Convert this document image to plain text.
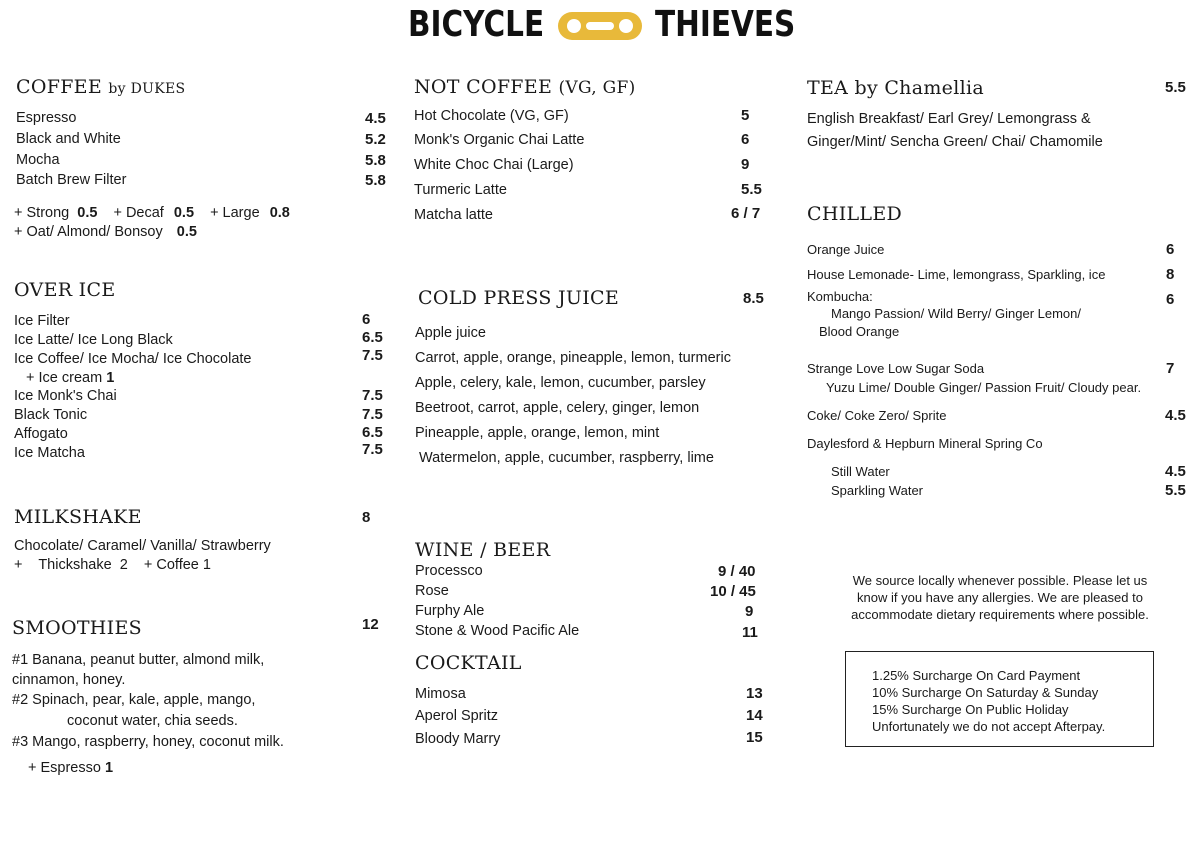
BICYCLE	THIEVES
COFFEE by DUKES
Espresso	4.5
Black and White	5.2
Mocha	5.8
Batch Brew Filter	5.8
+ Strong 0.5 + Decaf 0.5 + Large 0.8
+ Oat/ Almond/ Bonsoy 0.5
OVER ICE
Ice Filter	6
Ice Latte/ Ice Long Black	6.5
Ice Coffee/ Ice Mocha/ Ice Chocolate	7.5
+ Ice cream 1
Ice Monk's Chai	7.5
Black Tonic	7.5
Affogato	6.5
Ice Matcha	7.5
MILKSHAKE	8
Chocolate/ Caramel/ Vanilla/ Strawberry
+    Thickshake  2    + Coffee 1
SMOOTHIES	12
#1 Banana, peanut butter, almond milk,
cinnamon, honey.
#2 Spinach, pear, kale, apple, mango,
coconut water, chia seeds.
#3 Mango, raspberry, honey, coconut milk.
+ Espresso 1
NOT COFFEE (VG, GF)
Hot Chocolate (VG, GF)	5
Monk's Organic Chai Latte	6
White Choc Chai (Large)	9
Turmeric Latte	5.5
Matcha latte	6 / 7
COLD PRESS JUICE	8.5
Apple juice
Carrot, apple, orange, pineapple, lemon, turmeric
Apple, celery, kale, lemon, cucumber, parsley
Beetroot, carrot, apple, celery, ginger, lemon
Pineapple, apple, orange, lemon, mint
Watermelon, apple, cucumber, raspberry, lime
WINE / BEER
Processco	9 / 40
Rose	10 / 45
Furphy Ale	9
Stone & Wood Pacific Ale	11
COCKTAIL
Mimosa	13
Aperol Spritz	14
Bloody Marry	15
TEA by Chamellia	5.5
English Breakfast/ Earl Grey/ Lemongrass &
Ginger/Mint/ Sencha Green/ Chai/ Chamomile
CHILLED
Orange Juice	6
House Lemonade- Lime, lemongrass, Sparkling, ice	8
Kombucha:	6
Mango Passion/ Wild Berry/ Ginger Lemon/
Blood Orange
Strange Love Low Sugar Soda	7
Yuzu Lime/ Double Ginger/ Passion Fruit/ Cloudy pear.
Coke/ Coke Zero/ Sprite	4.5
Daylesford & Hepburn Mineral Spring Co
Still Water	4.5
Sparkling Water	5.5
We source locally whenever possible. Please let us
know if you have any allergies. We are pleased to
accommodate dietary requirements where possible.
1.25% Surcharge On Card Payment
10% Surcharge On Saturday & Sunday
15% Surcharge On Public Holiday
Unfortunately we do not accept Afterpay.
